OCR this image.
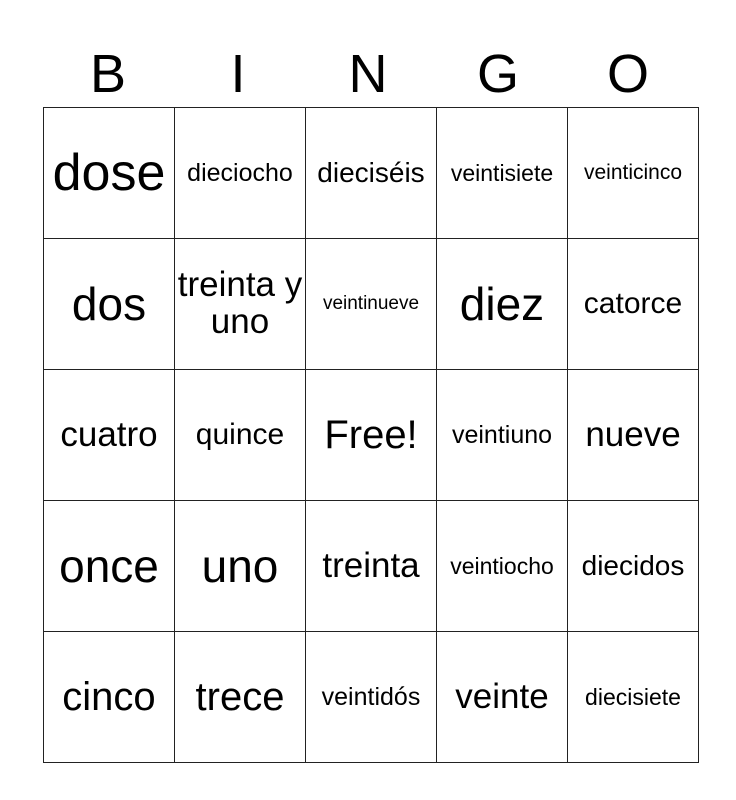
B	I	N	G	O
dose	dieciocho	dieciséis	veintisiete	veinticinco
dos	treinta y uno	veintinueve	diez	catorce
cuatro	quince	Free!	veintiuno	nueve
once	uno	treinta	veintiocho	diecidos
cinco	trece	veintidós	veinte	diecisiete
